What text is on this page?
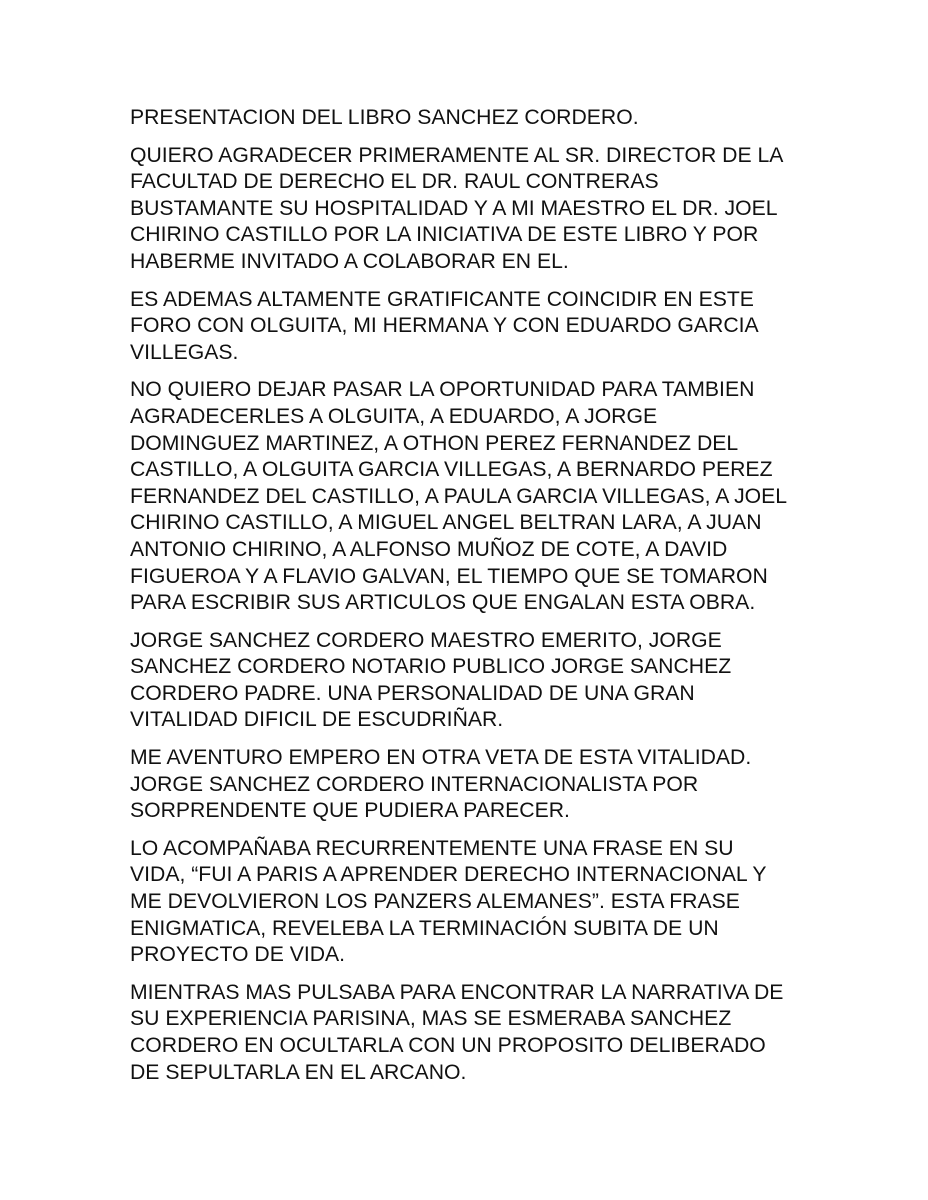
PRESENTACION DEL LIBRO SANCHEZ CORDERO.

QUIERO AGRADECER PRIMERAMENTE AL SR. DIRECTOR DE LA
FACULTAD DE DERECHO EL DR. RAUL CONTRERAS
BUSTAMANTE SU HOSPITALIDAD Y A MI MAESTRO EL DR. JOEL
CHIRINO CASTILLO POR LA INICIATIVA DE ESTE LIBRO Y POR
HABERME INVITADO A COLABORAR EN EL.

ES ADEMAS ALTAMENTE GRATIFICANTE COINCIDIR EN ESTE
FORO CON OLGUITA, MI HERMANA Y CON EDUARDO GARCIA
VILLEGAS.

NO QUIERO DEJAR PASAR LA OPORTUNIDAD PARA TAMBIEN
AGRADECERLES A OLGUITA, A EDUARDO, A JORGE
DOMINGUEZ MARTINEZ, A OTHON PEREZ FERNANDEZ DEL
CASTILLO, A OLGUITA GARCIA VILLEGAS, A BERNARDO PEREZ
FERNANDEZ DEL CASTILLO, A PAULA GARCIA VILLEGAS, A JOEL
CHIRINO CASTILLO, A MIGUEL ANGEL BELTRAN LARA, A JUAN
ANTONIO CHIRINO, A ALFONSO MUÑOZ DE COTE, A DAVID
FIGUEROA Y A FLAVIO GALVAN, EL TIEMPO QUE SE TOMARON
PARA ESCRIBIR SUS ARTICULOS QUE ENGALAN ESTA OBRA.

JORGE SANCHEZ CORDERO MAESTRO EMERITO, JORGE
SANCHEZ CORDERO NOTARIO PUBLICO JORGE SANCHEZ
CORDERO PADRE. UNA PERSONALIDAD DE UNA GRAN
VITALIDAD DIFICIL DE ESCUDRIÑAR.

ME AVENTURO EMPERO EN OTRA VETA DE ESTA VITALIDAD.
JORGE SANCHEZ CORDERO INTERNACIONALISTA POR
SORPRENDENTE QUE PUDIERA PARECER.

LO ACOMPAÑABA RECURRENTEMENTE UNA FRASE EN SU
VIDA, “FUI A PARIS A APRENDER DERECHO INTERNACIONAL Y
ME DEVOLVIERON LOS PANZERS ALEMANES”. ESTA FRASE
ENIGMATICA, REVELEBA LA TERMINACIÓN SUBITA DE UN
PROYECTO DE VIDA.

MIENTRAS MAS PULSABA PARA ENCONTRAR LA NARRATIVA DE
SU EXPERIENCIA PARISINA, MAS SE ESMERABA SANCHEZ
CORDERO EN OCULTARLA CON UN PROPOSITO DELIBERADO
DE SEPULTARLA EN EL ARCANO.
